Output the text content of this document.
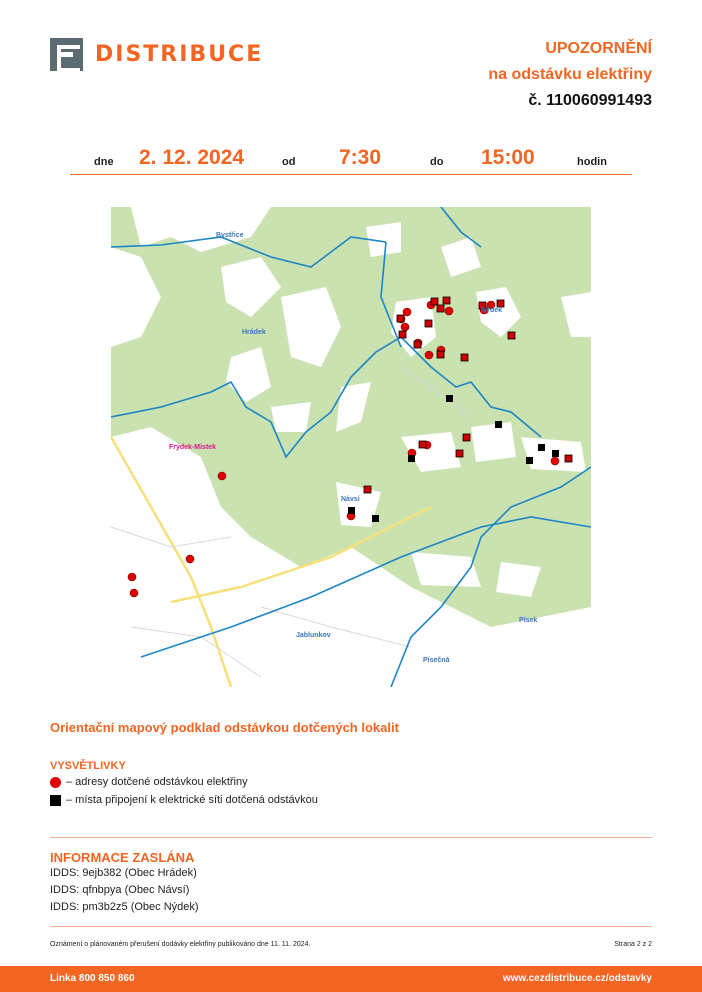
DISTRIBUCE	UPOZORNĚNÍ
na odstávku elektřiny
č. 110060991493
dne 2. 12. 2024	od 7:30	do 15:00	hodin
Bystřice
Hrádek
Nýdek
Frýdek-Místek
Návsí
Jablunkov
Písek
Písečná
Orientační mapový podklad odstávkou dotčených lokalit
VYSVĚTLIVKY
– adresy dotčené odstávkou elektřiny
– místa připojení k elektrické síti dotčená odstávkou
INFORMACE ZASLÁNA
IDDS: 9ejb382 (Obec Hrádek)
IDDS: qfnbpya (Obec Návsí)
IDDS: pm3b2z5 (Obec Nýdek)
Oznámení o plánovaném přerušení dodávky elektřiny publikováno dne 11. 11. 2024.	Strana 2 z 2
Linka 800 850 860	www.cezdistribuce.cz/odstavky
